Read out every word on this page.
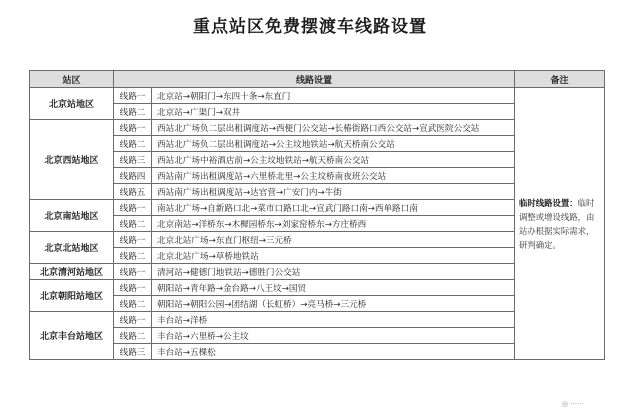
重点站区免费摆渡车线路设置
站区	线路设置		备注
北京站地区	线路一	北京站→朝阳门→东四十条→东直门	临时线路设置：临时调整或增设线路，由站办根据实际需求，研判确定。
	线路二	北京站→广渠门→双井	
北京西站地区	线路一	西站北广场负二层出租调度站→西便门公交站→长椿街路口西公交站→宣武医院公交站	
	线路二	西站北广场负二层出租调度站→公主坟地铁站→航天桥南公交站	
	线路三	西站北广场中裕酒店前→公主坟地铁站→航天桥南公交站	
	线路四	西站南广场出租调度站→六里桥北里→公主坟桥南夜班公交站	
	线路五	西站南广场出租调度站→达官营→广安门内→牛街	
北京南站地区	线路一	南站北广场→自新路口北→菜市口路口北→宣武门路口南→西单路口南	
	线路二	北京南站→洋桥东→木樨园桥东→刘家窑桥东→方庄桥西	
北京北站地区	线路一	北京北站广场→东直门枢纽→三元桥	
	线路二	北京北站广场→草桥地铁站	
北京清河站地区	线路一	清河站→健德门地铁站→德胜门公交站	
北京朝阳站地区	线路一	朝阳站→青年路→金台路→八王坟→国贸	
	线路二	朝阳站→朝阳公园→团结湖（长虹桥）→亮马桥→三元桥	
北京丰台站地区	线路一	丰台站→洋桥	
	线路二	丰台站→六里桥→公主坟	
	线路三	丰台站→五棵松	
◎ ······
